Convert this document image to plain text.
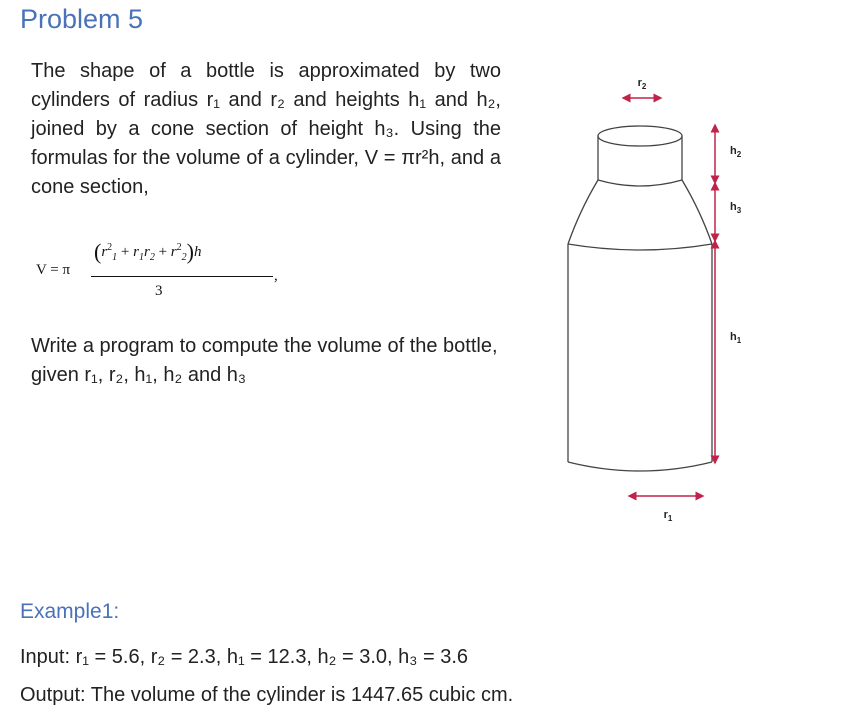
Problem 5

The shape of a bottle is approximated by two cylinders of radius r₁ and r₂ and heights h₁ and h₂, joined by a cone section of height h₃. Using the formulas for the volume of a cylinder, V = πr²h, and a cone section,

V = π
$(r^2_1 + r_1r_2 + r^2_2)h$
3
,

Write a program to compute the volume of the bottle, given r₁, r₂, h₁, h₂ and h₃

$r_2$
$r_1$
$h_2$
$h_3$
$h_1$
Example1:
Input: r₁ = 5.6, r₂ = 2.3, h₁ = 12.3, h₂ = 3.0, h₃ = 3.6
Output: The volume of the cylinder is 1447.65 cubic cm.
